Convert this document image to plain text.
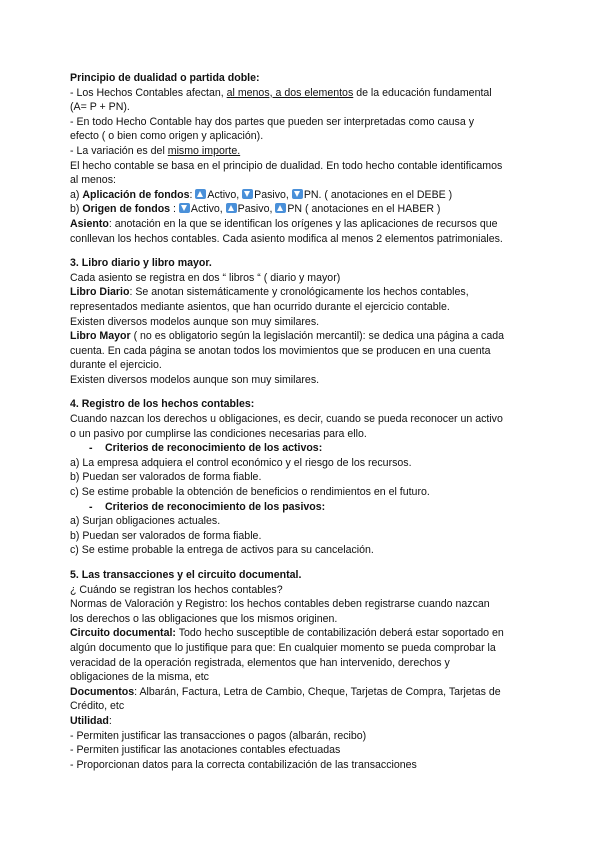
Principio de dualidad o partida doble:

- Los Hechos Contables afectan, al menos, a dos elementos de la educación fundamental

(A= P + PN).

- En todo Hecho Contable hay dos partes que pueden ser interpretadas como causa y

efecto ( o bien como origen y aplicación).

- La variación es del mismo importe.

El hecho contable se basa en el principio de dualidad. En todo hecho contable identificamos

al menos:

a) Aplicación de fondos: Activo, Pasivo, PN. ( anotaciones en el DEBE )

b) Origen de fondos : Activo, Pasivo, PN ( anotaciones en el HABER )

Asiento: anotación en la que se identifican los orígenes y las aplicaciones de recursos que

conllevan los hechos contables. Cada asiento modifica al menos 2 elementos patrimoniales.

3. Libro diario y libro mayor.

Cada asiento se registra en dos “ libros “ ( diario y mayor)

Libro Diario: Se anotan sistemáticamente y cronológicamente los hechos contables,

representados mediante asientos, que han ocurrido durante el ejercicio contable.

Existen diversos modelos aunque son muy similares.

Libro Mayor ( no es obligatorio según la legislación mercantil): se dedica una página a cada

cuenta. En cada página se anotan todos los movimientos que se producen en una cuenta

durante el ejercicio.

Existen diversos modelos aunque son muy similares.

4. Registro de los hechos contables:

Cuando nazcan los derechos u obligaciones, es decir, cuando se pueda reconocer un activo

o un pasivo por cumplirse las condiciones necesarias para ello.

- Criterios de reconocimiento de los activos:

a) La empresa adquiera el control económico y el riesgo de los recursos.

b) Puedan ser valorados de forma fiable.

c) Se estime probable la obtención de beneficios o rendimientos en el futuro.

- Criterios de reconocimiento de los pasivos:

a) Surjan obligaciones actuales.

b) Puedan ser valorados de forma fiable.

c) Se estime probable la entrega de activos para su cancelación.

5. Las transacciones y el circuito documental.

¿ Cuándo se registran los hechos contables?

Normas de Valoración y Registro: los hechos contables deben registrarse cuando nazcan

los derechos o las obligaciones que los mismos originen.

Circuito documental: Todo hecho susceptible de contabilización deberá estar soportado en

algún documento que lo justifique para que: En cualquier momento se pueda comprobar la

veracidad de la operación registrada, elementos que han intervenido, derechos y

obligaciones de la misma, etc

Documentos: Albarán, Factura, Letra de Cambio, Cheque, Tarjetas de Compra, Tarjetas de

Crédito, etc

Utilidad:

- Permiten justificar las transacciones o pagos (albarán, recibo)

- Permiten justificar las anotaciones contables efectuadas

- Proporcionan datos para la correcta contabilización de las transacciones
